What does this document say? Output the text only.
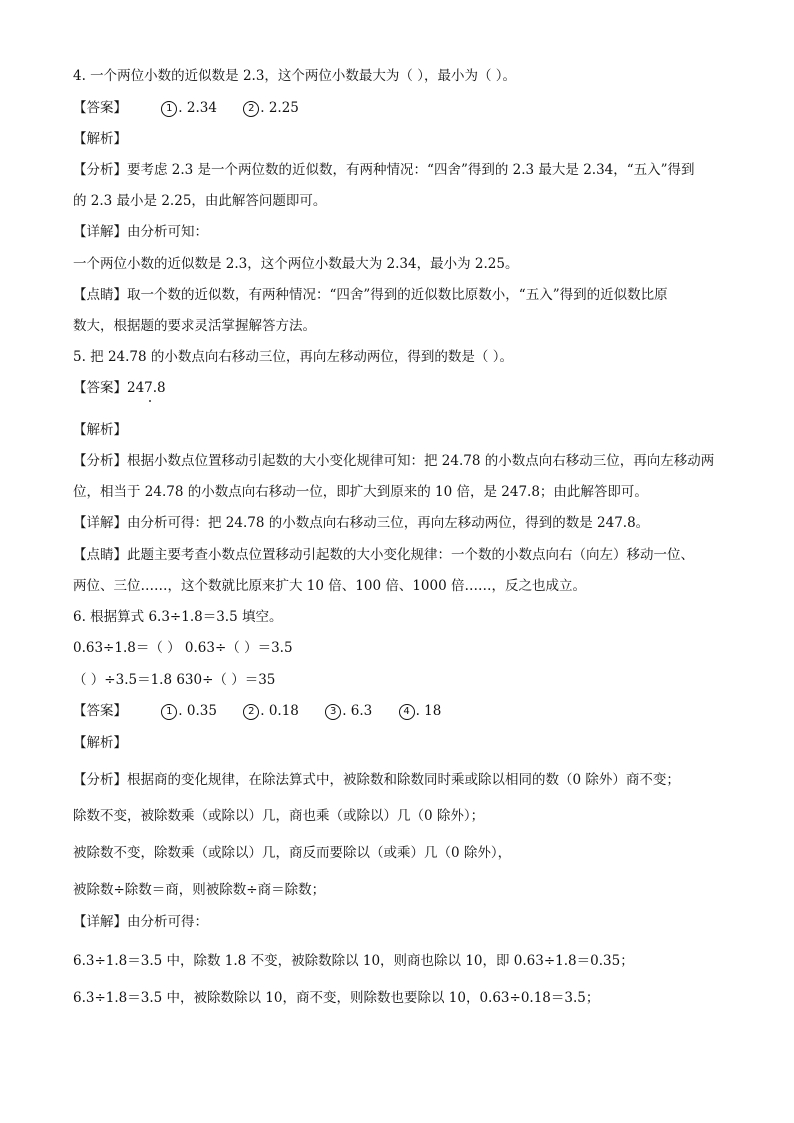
4. 一个两位小数的近似数是 2.3，这个两位小数最大为（ ），最小为（ ）。
【答案】	1 . 2.34	2 . 2.25
【解析】
【分析】要考虑 2.3 是一个两位数的近似数，有两种情况：“四舍”得到的 2.3 最大是 2.34，“五入”得到
的 2.3 最小是 2.25，由此解答问题即可。
【详解】由分析可知：
一个两位小数的近似数是 2.3，这个两位小数最大为 2.34，最小为 2.25。
【点睛】取一个数的近似数，有两种情况：“四舍”得到的近似数比原数小，“五入”得到的近似数比原
数大，根据题的要求灵活掌握解答方法。
5. 把 24.78 的小数点向右移动三位，再向左移动两位，得到的数是（ ）。
【答案】247.8
【解析】
【分析】根据小数点位置移动引起数的大小变化规律可知：把 24.78 的小数点向右移动三位，再向左移动两
位，相当于 24.78 的小数点向右移动一位，即扩大到原来的 10 倍，是 247.8；由此解答即可。
【详解】由分析可得：把 24.78 的小数点向右移动三位，再向左移动两位，得到的数是 247.8。
【点睛】此题主要考查小数点位置移动引起数的大小变化规律：一个数的小数点向右（向左）移动一位、
两位、三位……，这个数就比原来扩大 10 倍、100 倍、1000 倍……，反之也成立。
6. 根据算式 6.3÷1.8＝3.5 填空。
0.63÷1.8＝（ ） 0.63÷（ ）＝3.5
（ ）÷3.5＝1.8 630÷（ ）＝35
【答案】	1 . 0.35	2 . 0.18	3 . 6.3	4 . 18
【解析】
【分析】根据商的变化规律，在除法算式中，被除数和除数同时乘或除以相同的数（0 除外）商不变；
除数不变，被除数乘（或除以）几，商也乘（或除以）几（0 除外）；
被除数不变，除数乘（或除以）几，商反而要除以（或乘）几（0 除外），
被除数÷除数＝商，则被除数÷商＝除数；
【详解】由分析可得：
6.3÷1.8＝3.5 中，除数 1.8 不变，被除数除以 10，则商也除以 10，即 0.63÷1.8＝0.35；
6.3÷1.8＝3.5 中，被除数除以 10，商不变，则除数也要除以 10，0.63÷0.18＝3.5；
